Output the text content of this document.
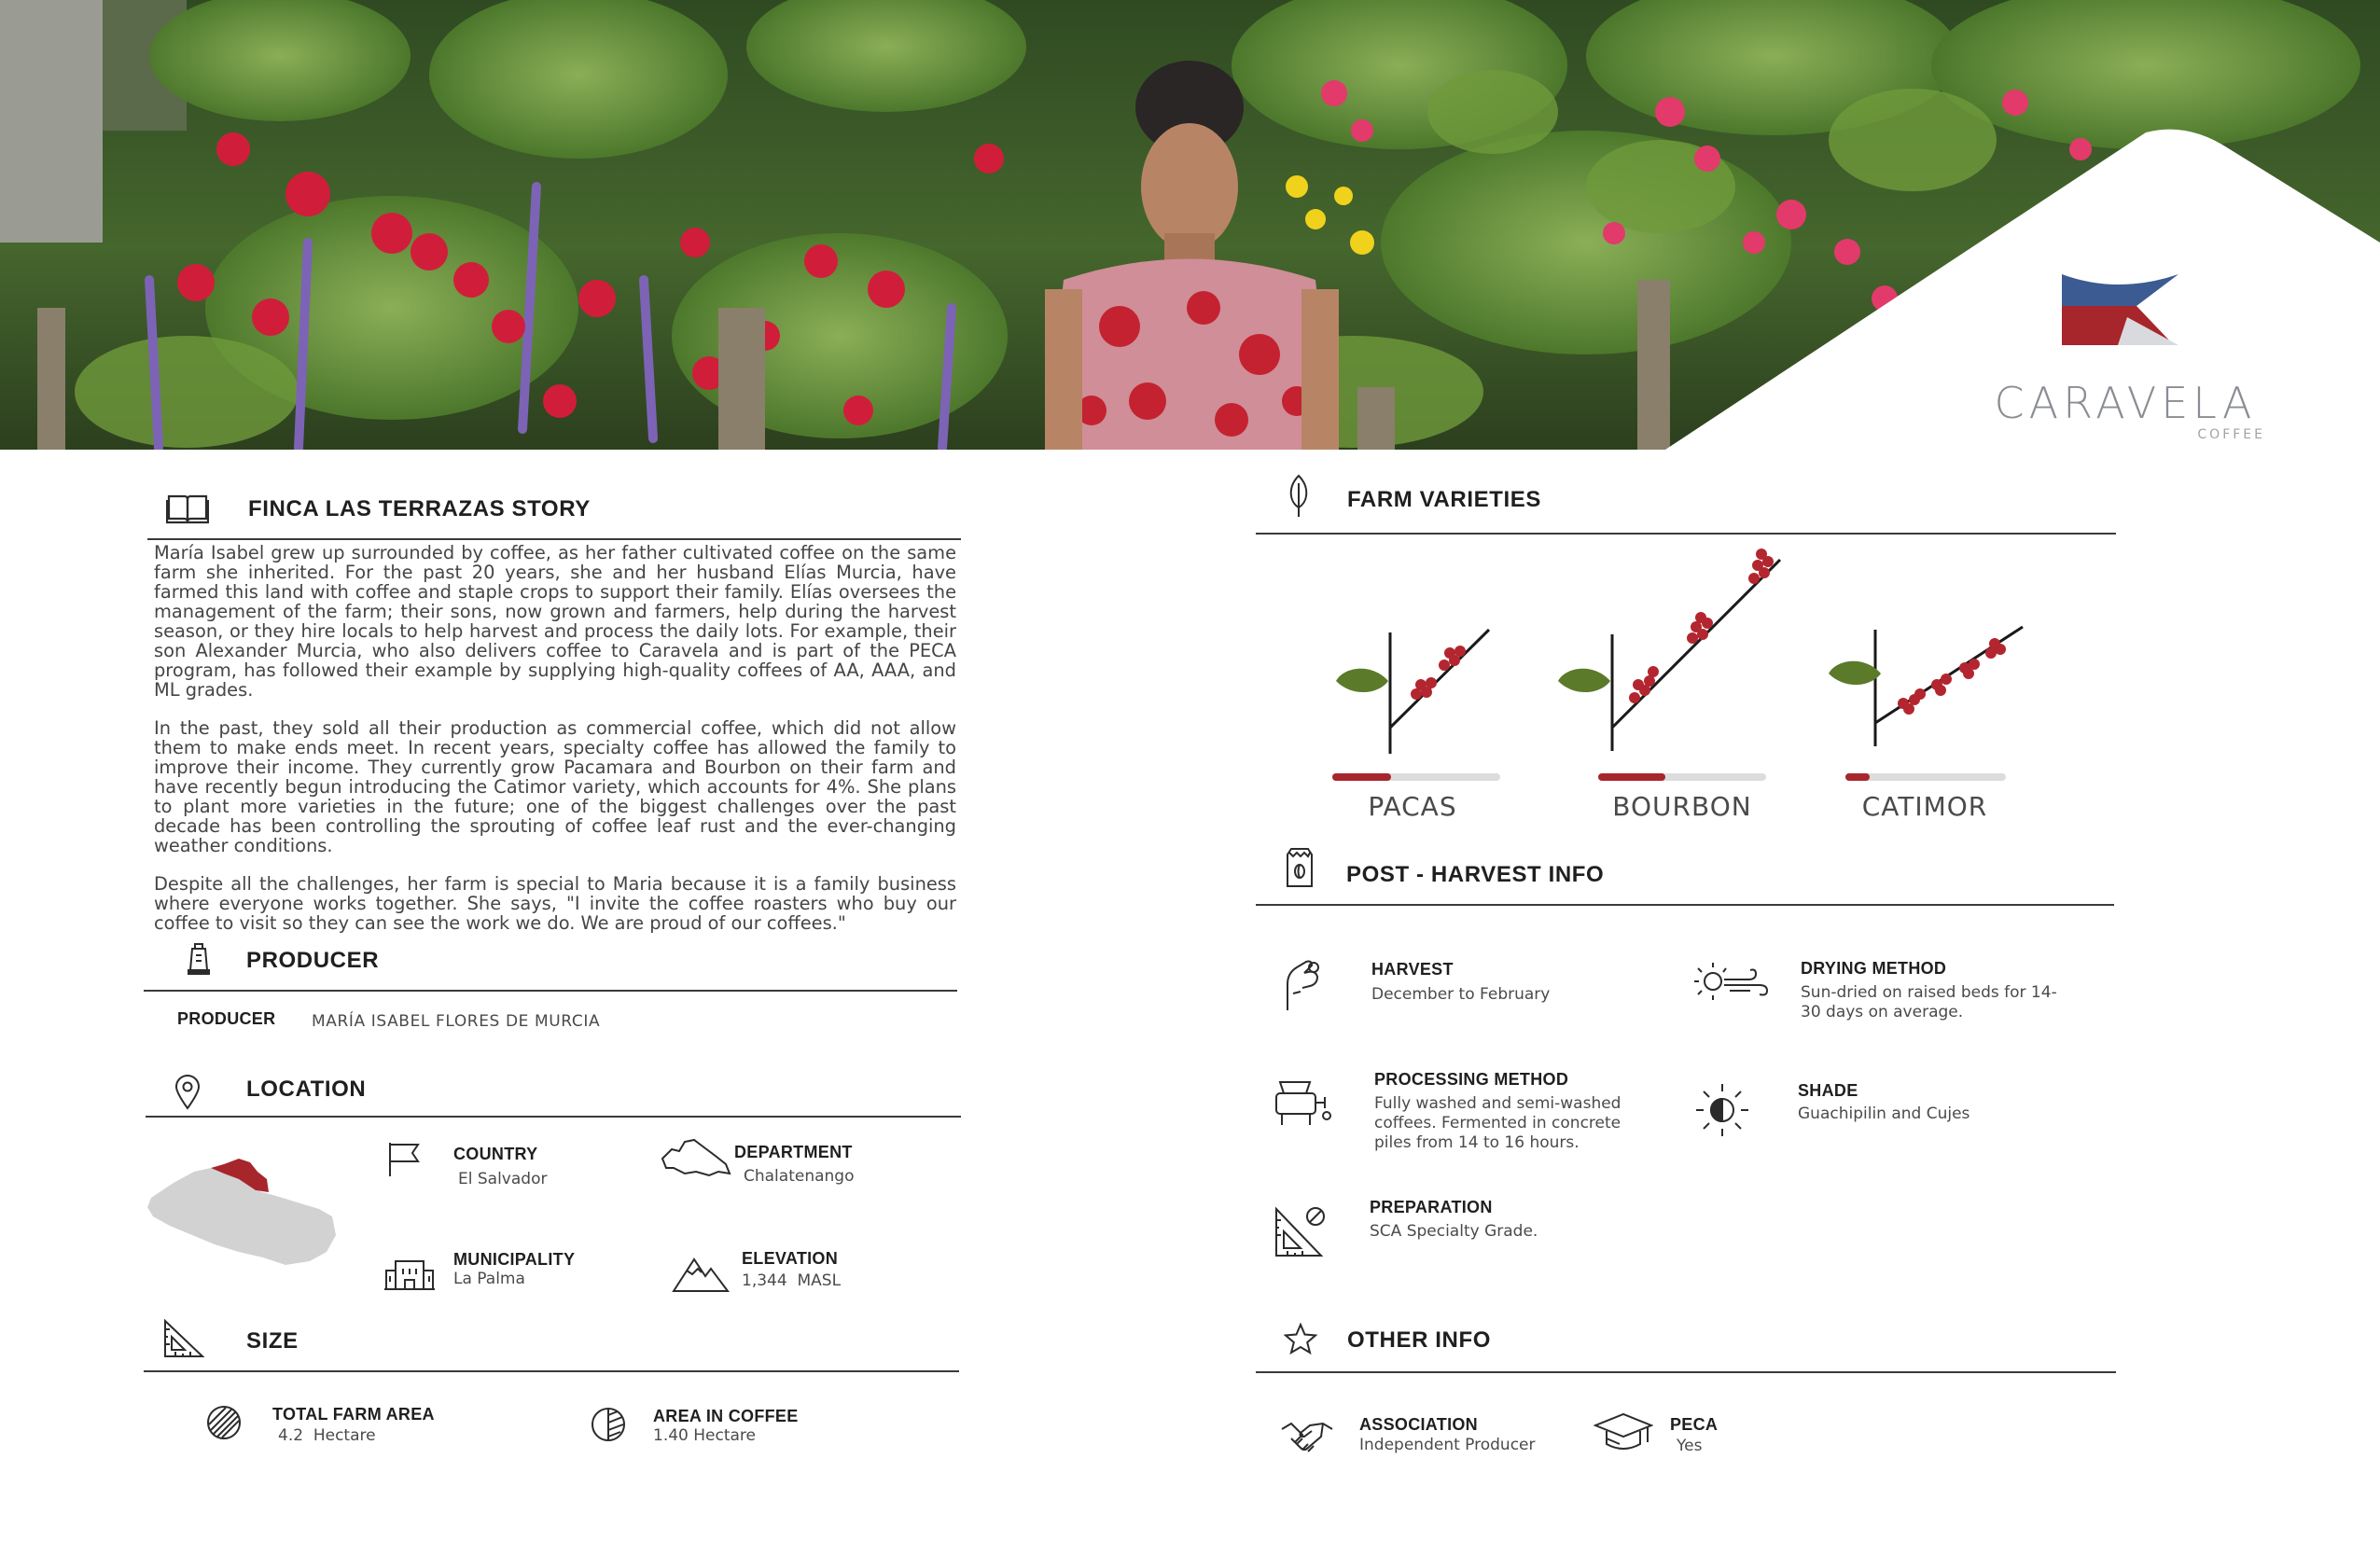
CARAVELA
COFFEE
FINCA LAS TERRAZAS STORY

María Isabel grew up surrounded by coffee, as her father cultivated coffee on the same farm she inherited. For the past 20 years, she and her husband Elías Murcia, have farmed this land with coffee and staple crops to support their family. Elías oversees the management of the farm; their sons, now grown and farmers, help during the harvest season, or they hire locals to help harvest and process the daily lots. For example, their son Alexander Murcia, who also delivers coffee to Caravela and is part of the PECA program, has followed their example by supplying high-quality coffees of AA, AAA, and ML grades.

In the past, they sold all their production as commercial coffee, which did not allow them to make ends meet. In recent years, specialty coffee has allowed the family to improve their income. They currently grow Pacamara and Bourbon on their farm and have recently begun introducing the Catimor variety, which accounts for 4%. She plans to plant more varieties in the future; one of the biggest challenges over the past decade has been controlling the sprouting of coffee leaf rust and the ever-changing weather conditions.

Despite all the challenges, her farm is special to Maria because it is a family business where everyone works together. She says, "I invite the coffee roasters who buy our coffee to visit so they can see the work we do. We are proud of our coffees."

PRODUCER
PRODUCER MARÍA ISABEL FLORES DE MURCIA
LOCATION
COUNTRY
El Salvador
DEPARTMENT
Chalatenango
MUNICIPALITY
La Palma
ELEVATION
1,344  MASL
SIZE
TOTAL FARM AREA
4.2  Hectare
AREA IN COFFEE
1.40 Hectare
FARM VARIETIES
PACAS	BOURBON	CATIMOR
POST - HARVEST INFO
HARVEST
December to February
DRYING METHOD
Sun-dried on raised beds for 14-30 days on average.
PROCESSING METHOD
Fully washed and semi-washed coffees. Fermented in concrete piles from 14 to 16 hours.
SHADE
Guachipilin and Cujes
PREPARATION
SCA Specialty Grade.
OTHER INFO
ASSOCIATION
Independent Producer
PECA
Yes
